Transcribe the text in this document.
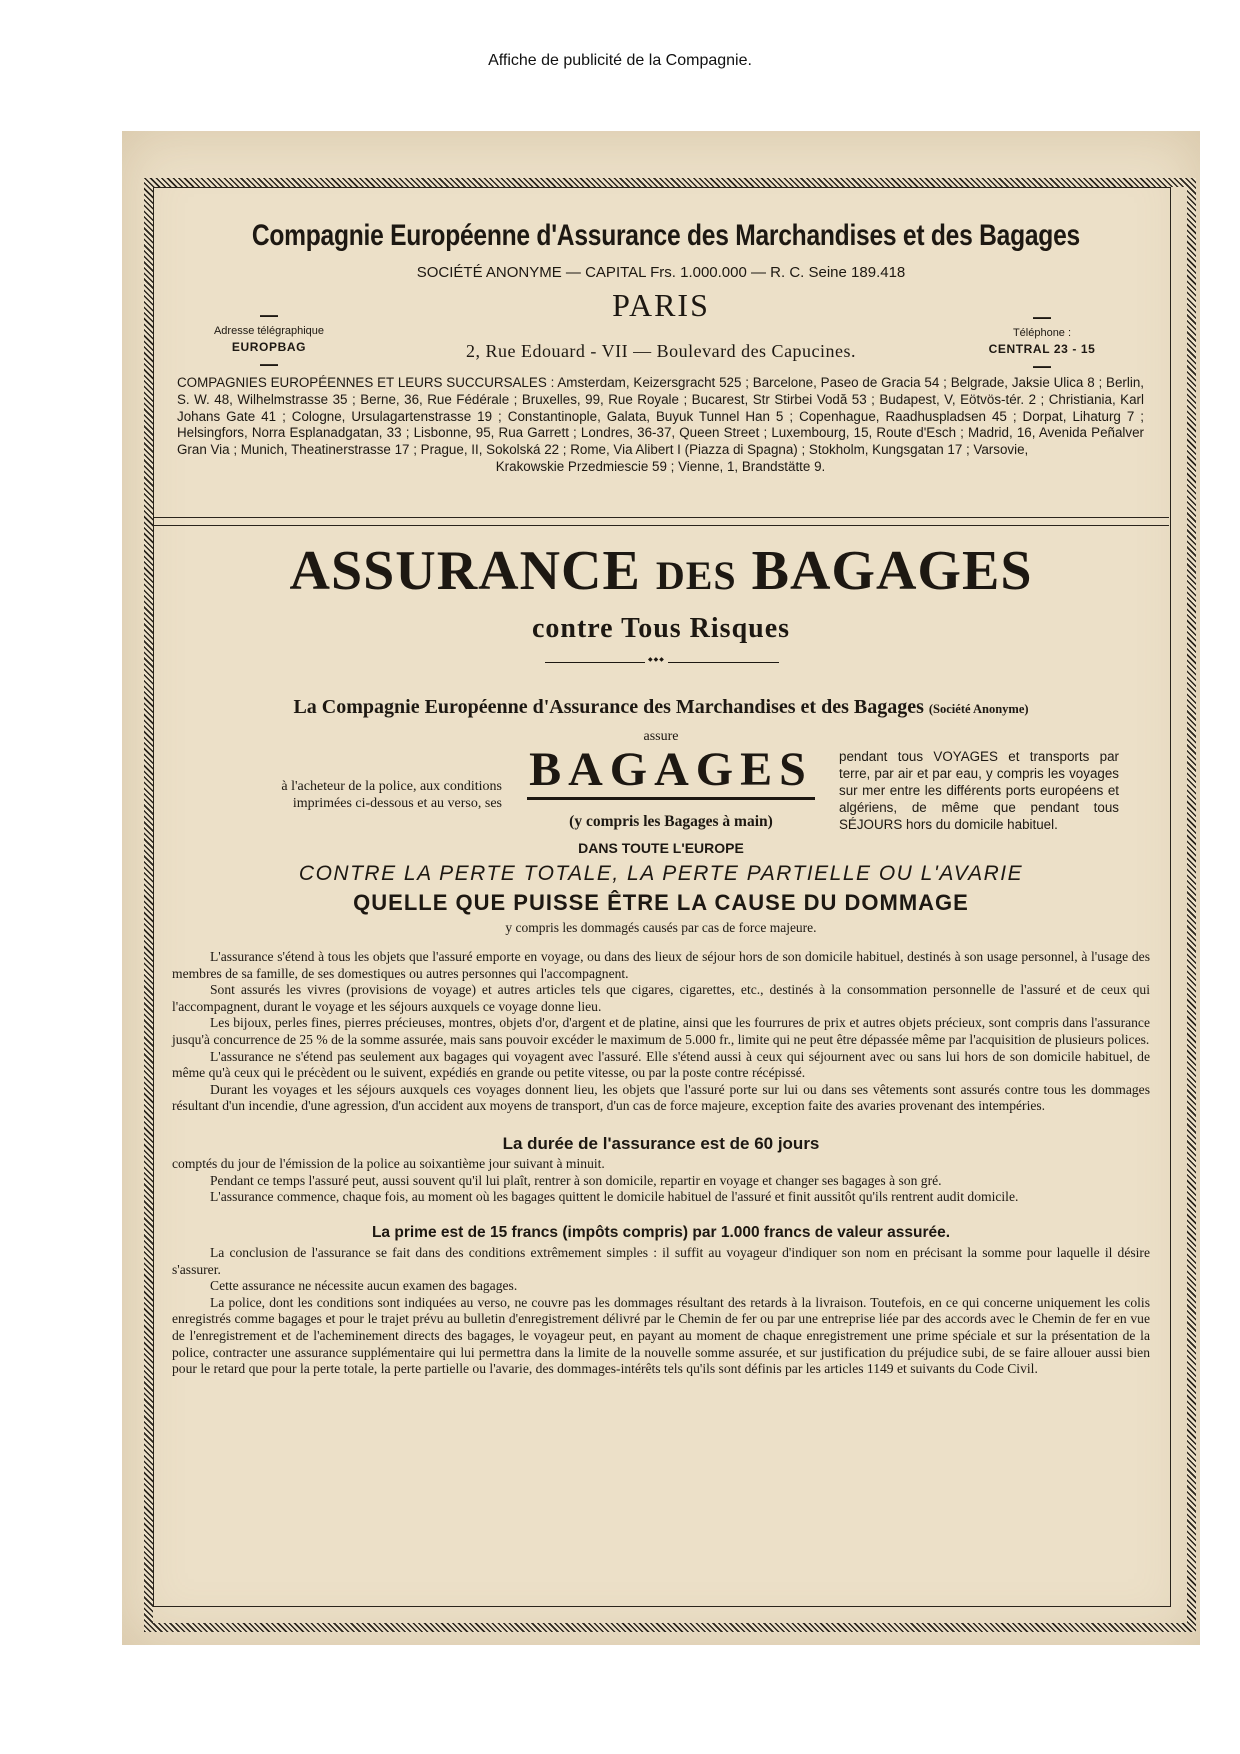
Affiche de publicité de la Compagnie.
Compagnie Européenne d'Assurance des Marchandises et des Bagages
SOCIÉTÉ ANONYME — CAPITAL Frs. 1.000.000 — R. C. Seine 189.418
PARIS
2, Rue Edouard - VII — Boulevard des Capucines.
—
Adresse télégraphique
EUROPBAG
—
—
Téléphone :
CENTRAL 23 - 15
—
COMPAGNIES EUROPÉENNES ET LEURS SUCCURSALES : Amsterdam, Keizersgracht 525 ; Barcelone, Paseo de Gracia 54 ; Belgrade, Jaksie Ulica 8 ; Berlin, S. W. 48, Wilhelmstrasse 35 ; Berne, 36, Rue Fédérale ; Bruxelles, 99, Rue Royale ; Bucarest, Str Stirbei Vodă 53 ; Budapest, V, Eötvös-tér. 2 ; Christiania, Karl Johans Gate 41 ; Cologne, Ursulagartenstrasse 19 ; Constantinople, Galata, Buyuk Tunnel Han 5 ; Copenhague, Raadhuspladsen 45 ; Dorpat, Lihaturg 7 ; Helsingfors, Norra Esplanadgatan, 33 ; Lisbonne, 95, Rua Garrett ; Londres, 36-37, Queen Street ; Luxembourg, 15, Route d'Esch ; Madrid, 16, Avenida Peñalver Gran Via ; Munich, Theatinerstrasse 17 ; Prague, II, Sokolská 22 ; Rome, Via Alibert I (Piazza di Spagna) ; Stokholm, Kungsgatan 17 ; Varsovie,
Krakowskie Przedmiescie 59 ; Vienne, 1, Brandstätte 9.
ASSURANCE DES BAGAGES
contre Tous Risques
◆◆◆
La Compagnie Européenne d'Assurance des Marchandises et des Bagages (Société Anonyme)
assure
à l'acheteur de la police, aux conditions imprimées ci-dessous et au verso, ses
BAGAGES
(y compris les Bagages à main)
pendant tous VOYAGES et transports par terre, par air et par eau, y compris les voyages sur mer entre les différents ports européens et algériens, de même que pendant tous SÉJOURS hors du domicile habituel.
DANS TOUTE L'EUROPE
CONTRE LA PERTE TOTALE, LA PERTE PARTIELLE OU L'AVARIE
QUELLE QUE PUISSE ÊTRE LA CAUSE DU DOMMAGE
y compris les dommagés causés par cas de force majeure.

L'assurance s'étend à tous les objets que l'assuré emporte en voyage, ou dans des lieux de séjour hors de son domicile habituel, destinés à son usage personnel, à l'usage des membres de sa famille, de ses domestiques ou autres personnes qui l'accompagnent.

Sont assurés les vivres (provisions de voyage) et autres articles tels que cigares, cigarettes, etc., destinés à la consommation personnelle de l'assuré et de ceux qui l'accompagnent, durant le voyage et les séjours auxquels ce voyage donne lieu.

Les bijoux, perles fines, pierres précieuses, montres, objets d'or, d'argent et de platine, ainsi que les fourrures de prix et autres objets précieux, sont compris dans l'assurance jusqu'à concurrence de 25 % de la somme assurée, mais sans pouvoir excéder le maximum de 5.000 fr., limite qui ne peut être dépassée même par l'acquisition de plusieurs polices.

L'assurance ne s'étend pas seulement aux bagages qui voyagent avec l'assuré. Elle s'étend aussi à ceux qui séjournent avec ou sans lui hors de son domicile habituel, de même qu'à ceux qui le précèdent ou le suivent, expédiés en grande ou petite vitesse, ou par la poste contre récépissé.

Durant les voyages et les séjours auxquels ces voyages donnent lieu, les objets que l'assuré porte sur lui ou dans ses vêtements sont assurés contre tous les dommages résultant d'un incendie, d'une agression, d'un accident aux moyens de transport, d'un cas de force majeure, exception faite des avaries provenant des intempéries.

La durée de l'assurance est de 60 jours

comptés du jour de l'émission de la police au soixantième jour suivant à minuit.

Pendant ce temps l'assuré peut, aussi souvent qu'il lui plaît, rentrer à son domicile, repartir en voyage et changer ses bagages à son gré.

L'assurance commence, chaque fois, au moment où les bagages quittent le domicile habituel de l'assuré et finit aussitôt qu'ils rentrent audit domicile.

La prime est de 15 francs (impôts compris) par 1.000 francs de valeur assurée.

La conclusion de l'assurance se fait dans des conditions extrêmement simples : il suffit au voyageur d'indiquer son nom en précisant la somme pour laquelle il désire s'assurer.

Cette assurance ne nécessite aucun examen des bagages.

La police, dont les conditions sont indiquées au verso, ne couvre pas les dommages résultant des retards à la livraison. Toutefois, en ce qui concerne uniquement les colis enregistrés comme bagages et pour le trajet prévu au bulletin d'enregistrement délivré par le Chemin de fer ou par une entreprise liée par des accords avec le Chemin de fer en vue de l'enregistrement et de l'acheminement directs des bagages, le voyageur peut, en payant au moment de chaque enregistrement une prime spéciale et sur la présentation de la police, contracter une assurance supplémentaire qui lui permettra dans la limite de la nouvelle somme assurée, et sur justification du préjudice subi, de se faire allouer aussi bien pour le retard que pour la perte totale, la perte partielle ou l'avarie, des dommages-intérêts tels qu'ils sont définis par les articles 1149 et suivants du Code Civil.
